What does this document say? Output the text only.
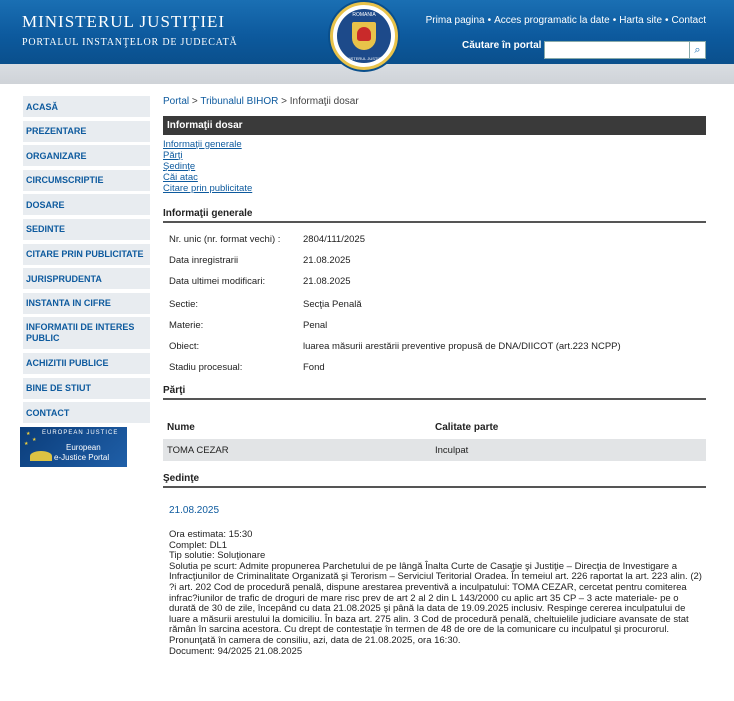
MINISTERUL JUSTIŢIEI
PORTALUL INSTANŢELOR DE JUDECATĂ
ROMANIA
MINISTERUL JUSTIŢIEI
Prima pagina • Acces programatic la date • Harta site • Contact
Căutare în portal	⌕
ACASĂ
PREZENTARE
ORGANIZARE
CIRCUMSCRIPTIE
DOSARE
SEDINTE
CITARE PRIN PUBLICITATE
JURISPRUDENTA
INSTANTA IN CIFRE
INFORMATII DE INTERES PUBLIC
ACHIZITII PUBLICE
BINE DE STIUT
CONTACT
★
★
★
EUROPEAN JUSTICE
European
e-Justice Portal
Portal > Tribunalul BIHOR > Informaţii dosar
Informaţii dosar
Informaţii generale
Părţi
Şedinţe
Căi atac
Citare prin publicitate
Informaţii generale
Nr. unic (nr. format vechi) : 2804/111/2025
Data inregistrarii	21.08.2025
Data ultimei modificari:	21.08.2025
Sectie:	Secţia Penală
Materie:	Penal
Obiect:	luarea măsurii arestării preventive propusă de DNA/DIICOT (art.223 NCPP)
Stadiu procesual:	Fond
Părţi
Nume	Calitate parte
TOMA CEZAR	Inculpat
Şedinţe
21.08.2025
Ora estimata: 15:30
Complet: DL1
Tip solutie: Soluţionare
Solutia pe scurt: Admite propunerea Parchetului de pe lângă Înalta Curte de Casaţie şi Justiţie – Direcţia de Investigare a Infracţiunilor de Criminalitate Organizată şi Terorism – Serviciul Teritorial Oradea. În temeiul art. 226 raportat la art. 223 alin. (2) ?i art. 202 Cod de procedură penală, dispune arestarea preventivă a inculpatului: TOMA CEZAR, cercetat pentru comiterea infrac?iunilor de trafic de droguri de mare risc prev de art 2 al 2 din L 143/2000 cu aplic art 35 CP – 3 acte materiale- pe o durată de 30 de zile, începând cu data 21.08.2025 şi până la data de 19.09.2025 inclusiv. Respinge cererea inculpatului de luare a măsurii arestului la domiciliu. În baza art. 275 alin. 3 Cod de procedură penală, cheltuielile judiciare avansate de stat rămân în sarcina acestora. Cu drept de contestaţie în termen de 48 de ore de la comunicare cu inculpatul şi procurorul. Pronunţată în camera de consiliu, azi, data de 21.08.2025, ora 16:30.
Document: 94/2025 21.08.2025
